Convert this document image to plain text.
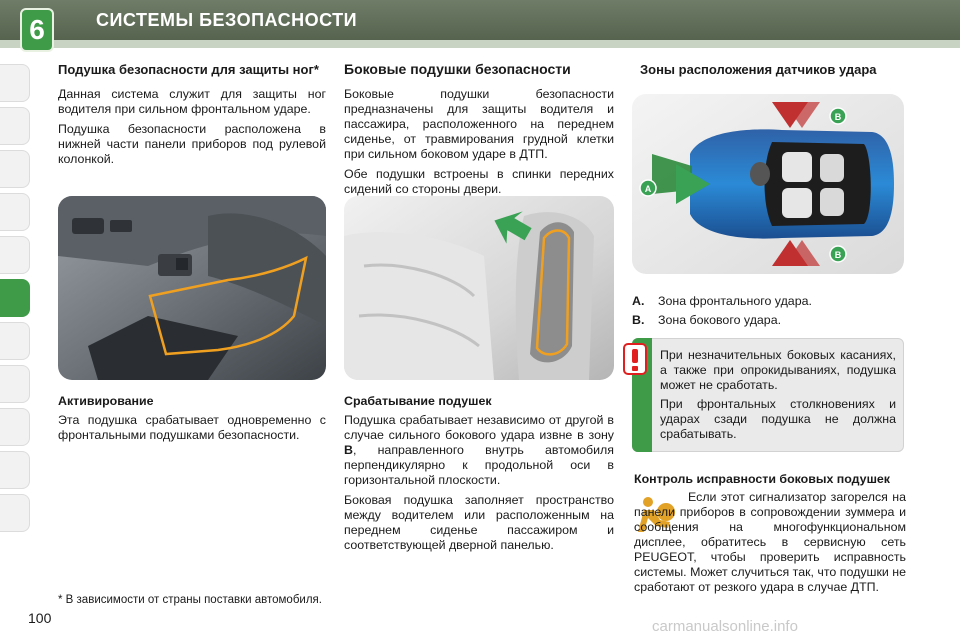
6	СИСТЕМЫ БЕЗОПАСНОСТИ
Подушка безопасности для защиты ног*

Данная система служит для защиты ног водителя при сильном фронтальном ударе.

Подушка безопасности расположена в нижней части панели приборов под рулевой колонкой.

Активирование

Эта подушка срабатывает одновременно с фронтальными подушками безопасности.

Боковые подушки безопасности

Боковые подушки безопасности предназначены для защиты водителя и пассажира, расположенного на переднем сиденье, от травмирования грудной клетки при сильном боковом ударе в ДТП.

Обе подушки встроены в спинки передних сидений со стороны двери.

Срабатывание подушек

Подушка срабатывает независимо от другой в случае сильного бокового удара извне в зону B, направленного внутрь автомобиля перпендикулярно к продольной оси в горизонтальной плоскости.

Боковая подушка заполняет пространство между водителем или расположенным на переднем сиденье пассажиром и соответствующей дверной панелью.

Зоны расположения датчиков удара
A
B
B
A. Зона фронтального удара.
B. Зона бокового удара.

При незначительных боковых касаниях, а также при опрокидываниях, подушка может не сработать.

При фронтальных столкновениях и ударах сзади подушка не должна срабатывать.

Контроль исправности боковых подушек

Если этот сигнализатор загорелся на панели приборов в сопровождении зуммера и сообщения на многофункциональном дисплее, обратитесь в сервисную сеть PEUGEOT, чтобы проверить исправность системы. Может случиться так, что подушки не сработают от резкого удара в случае ДТП.

* В зависимости от страны поставки автомобиля.
100	carmanualsonline.info
